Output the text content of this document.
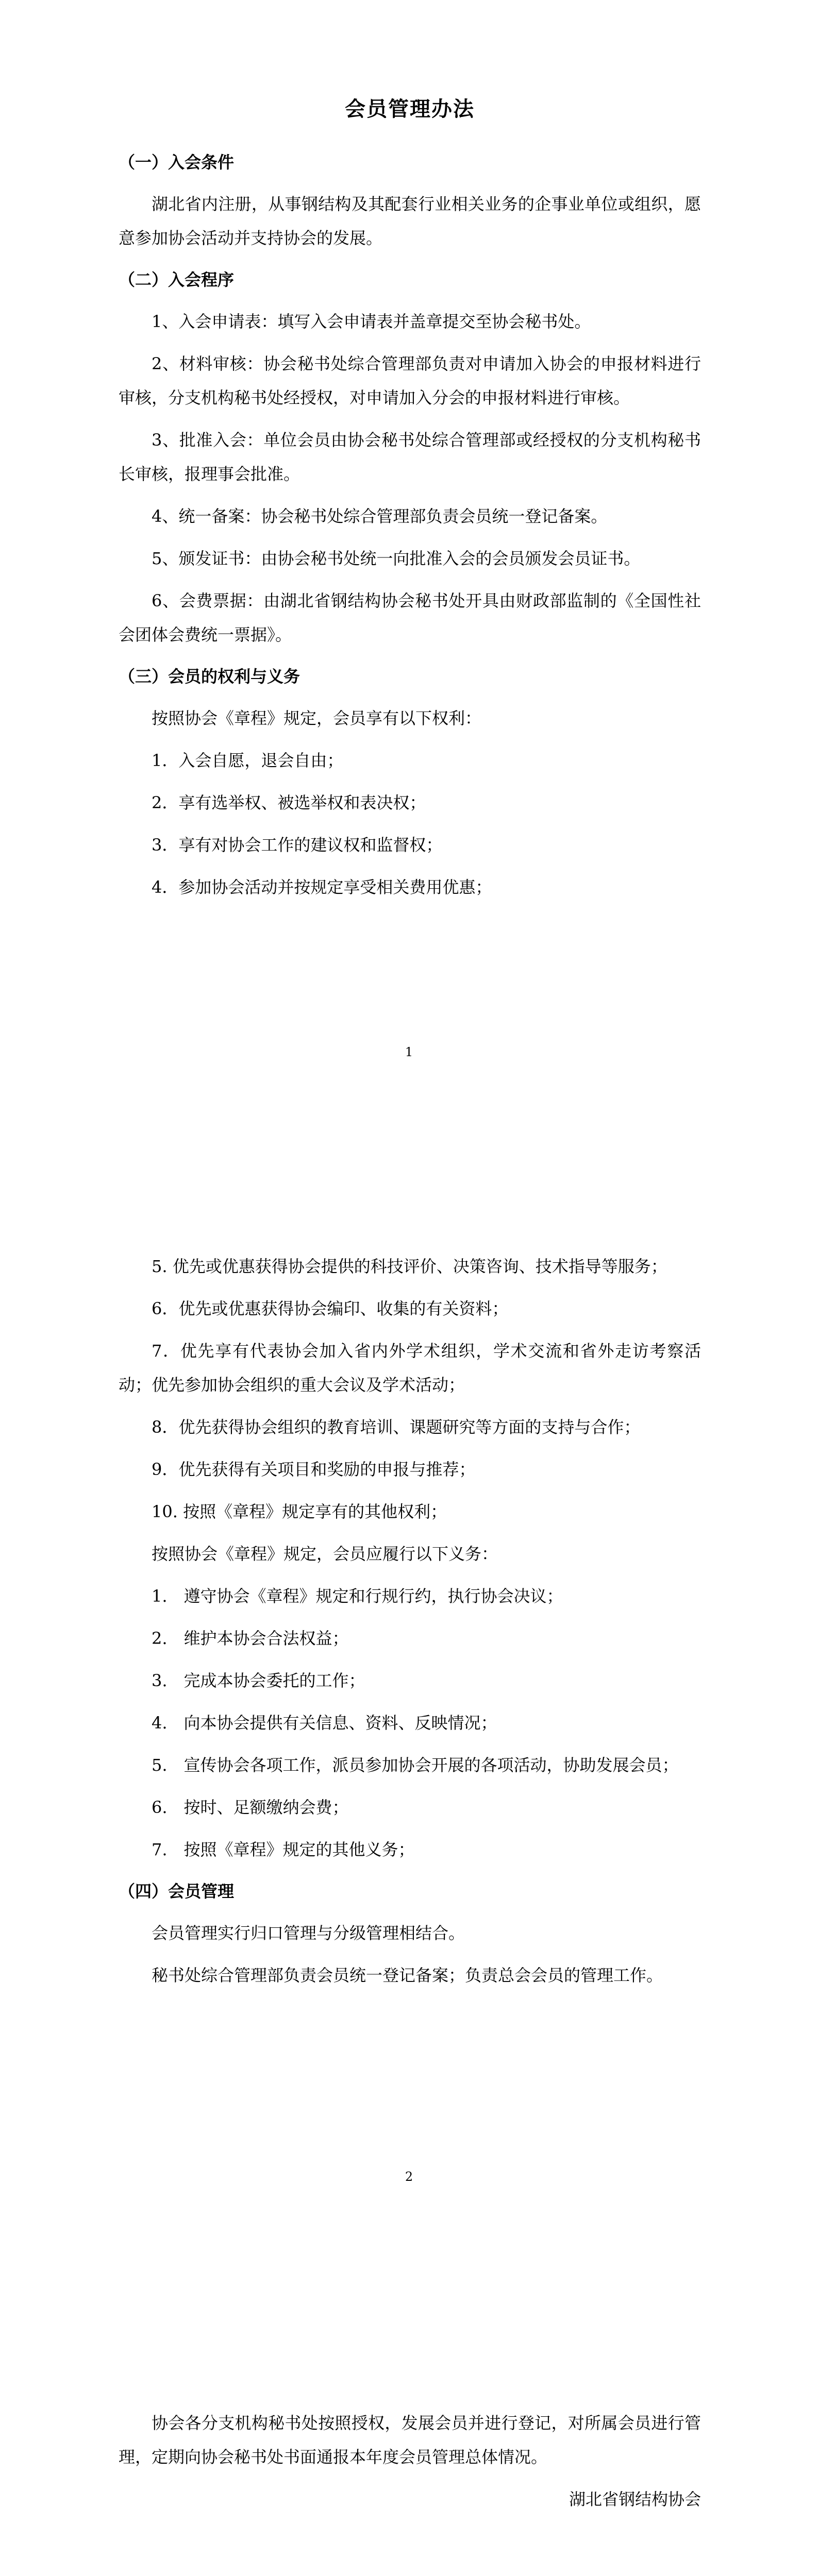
会员管理办法
（一）入会条件
湖北省内注册，从事钢结构及其配套行业相关业务的企事业单位或组织，愿意参加协会活动并支持协会的发展。
（二）入会程序
1、入会申请表：填写入会申请表并盖章提交至协会秘书处。
2、材料审核：协会秘书处综合管理部负责对申请加入协会的申报材料进行审核，分支机构秘书处经授权，对申请加入分会的申报材料进行审核。
3、批准入会：单位会员由协会秘书处综合管理部或经授权的分支机构秘书长审核，报理事会批准。
4、统一备案：协会秘书处综合管理部负责会员统一登记备案。
5、颁发证书：由协会秘书处统一向批准入会的会员颁发会员证书。
6、会费票据：由湖北省钢结构协会秘书处开具由财政部监制的《全国性社会团体会费统一票据》。
（三）会员的权利与义务
按照协会《章程》规定，会员享有以下权利：
1．入会自愿，退会自由；
2．享有选举权、被选举权和表决权；
3．享有对协会工作的建议权和监督权；
4．参加协会活动并按规定享受相关费用优惠；
1
5. 优先或优惠获得协会提供的科技评价、决策咨询、技术指导等服务；
6．优先或优惠获得协会编印、收集的有关资料；
7．优先享有代表协会加入省内外学术组织，学术交流和省外走访考察活动；优先参加协会组织的重大会议及学术活动；
8．优先获得协会组织的教育培训、课题研究等方面的支持与合作；
9．优先获得有关项目和奖励的申报与推荐；
10. 按照《章程》规定享有的其他权利；
按照协会《章程》规定，会员应履行以下义务：
1.　遵守协会《章程》规定和行规行约，执行协会决议；
2.　维护本协会合法权益；
3.　完成本协会委托的工作；
4.　向本协会提供有关信息、资料、反映情况；
5.　宣传协会各项工作，派员参加协会开展的各项活动，协助发展会员；
6.　按时、足额缴纳会费；
7.　按照《章程》规定的其他义务；
（四）会员管理
会员管理实行归口管理与分级管理相结合。
秘书处综合管理部负责会员统一登记备案；负责总会会员的管理工作。
2
协会各分支机构秘书处按照授权，发展会员并进行登记，对所属会员进行管理，定期向协会秘书处书面通报本年度会员管理总体情况。
湖北省钢结构协会
